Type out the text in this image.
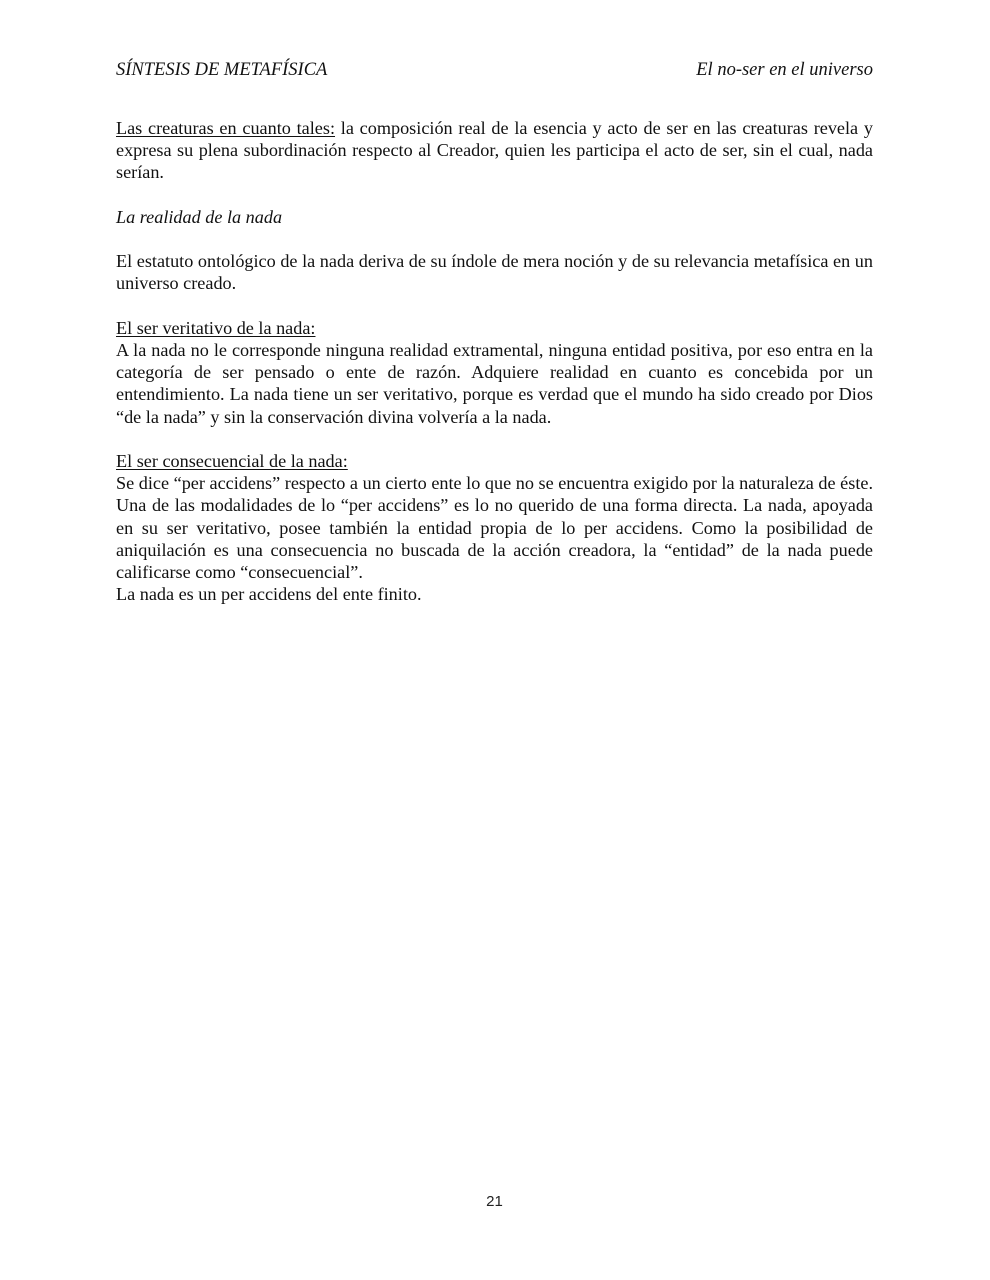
SÍNTESIS DE METAFÍSICA	El no-ser en el universo

Las creaturas en cuanto tales: la composición real de la esencia y acto de ser en las creaturas revela y expresa su plena subordinación respecto al Creador, quien les participa el acto de ser, sin el cual, nada serían.

La realidad de la nada

El estatuto ontológico de la nada deriva de su índole de mera noción y de su relevancia metafísica en un universo creado.

El ser veritativo de la nada:

A la nada no le corresponde ninguna realidad extramental, ninguna entidad positiva, por eso entra en la categoría de ser pensado o ente de razón. Adquiere realidad en cuanto es concebida por un entendimiento. La nada tiene un ser veritativo, porque es verdad que el mundo ha sido creado por Dios “de la nada” y sin la conservación divina volvería a la nada.

El ser consecuencial de la nada:

Se dice “per accidens” respecto a un cierto ente lo que no se encuentra exigido por la naturaleza de éste. Una de las modalidades de lo “per accidens” es lo no querido de una forma directa. La nada, apoyada en su ser veritativo, posee también la entidad propia de lo per accidens. Como la posibilidad de aniquilación es una consecuencia no buscada de la acción creadora, la “entidad” de la nada puede calificarse como “consecuencial”.

La nada es un per accidens del ente finito.

21
